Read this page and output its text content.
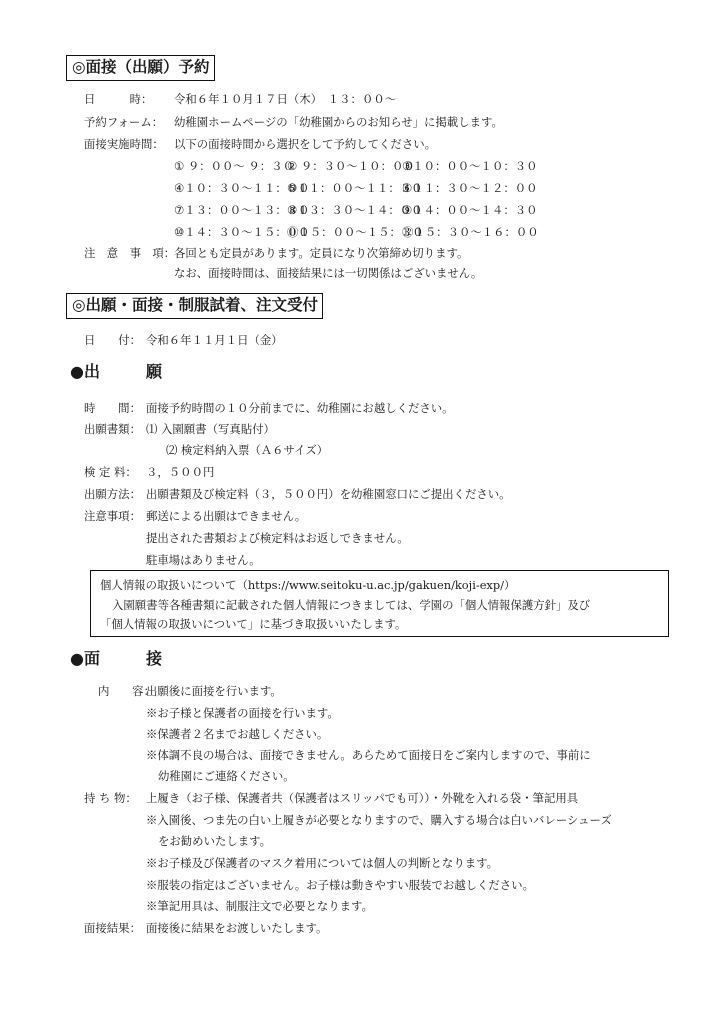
◎面接（出願）予約
日　　　時： 令和６年１０月１７日（木）　１３：００～
予約フォーム： 幼稚園ホームページの「幼稚園からのお知らせ」に掲載します。
面接実施時間： 以下の面接時間から選択をして予約してください。
① ９：００～ ９：３０
② ９：３０～１０：００
③１０：００～１０：３０
④１０：３０～１１：００
⑤１１：００～１１：３０
⑥１１：３０～１２：００
⑦１３：００～１３：３０
⑧１３：３０～１４：００
⑨１４：００～１４：３０
⑩１４：３０～１５：００
⑪１５：００～１５：３０
⑫１５：３０～１６：００
注　意　事　項：
各回とも定員があります。定員になり次第締め切ります。
なお、面接時間は、面接結果には一切関係はございません。
◎出願・面接・制服試着、注文受付
日　　付： 令和６年１１月１日（金）
●出	願
時　　間： 面接予約時間の１０分前までに、幼稚園にお越しください。
出願書類： ⑴ 入園願書（写真貼付）
⑵ 検定料納入票（Ａ６サイズ）
検 定 料： ３，５００円
出願方法： 出願書類及び検定料（３，５００円）を幼稚園窓口にご提出ください。
注意事項： 郵送による出願はできません。
提出された書類および検定料はお返しできません。
駐車場はありません。
個人情報の取扱いについて（https://www.seitoku-u.ac.jp/gakuen/koji-exp/）
入園願書等各種書類に記載された個人情報につきましては、学園の「個人情報保護方針」及び
「個人情報の取扱いについて」に基づき取扱いいたします。
●面	接
内　　容：
出願後に面接を行います。
※お子様と保護者の面接を行います。
※保護者２名までお越しください。
※体調不良の場合は、面接できません。あらためて面接日をご案内しますので、事前に
幼稚園にご連絡ください。
持 ち 物： 上履き（お子様、保護者共（保護者はスリッパでも可））・外靴を入れる袋・筆記用具
※入園後、つま先の白い上履きが必要となりますので、購入する場合は白いバレーシューズ
をお勧めいたします。
※お子様及び保護者のマスク着用については個人の判断となります。
※服装の指定はございません。お子様は動きやすい服装でお越しください。
※筆記用具は、制服注文で必要となります。
面接結果： 面接後に結果をお渡しいたします。
